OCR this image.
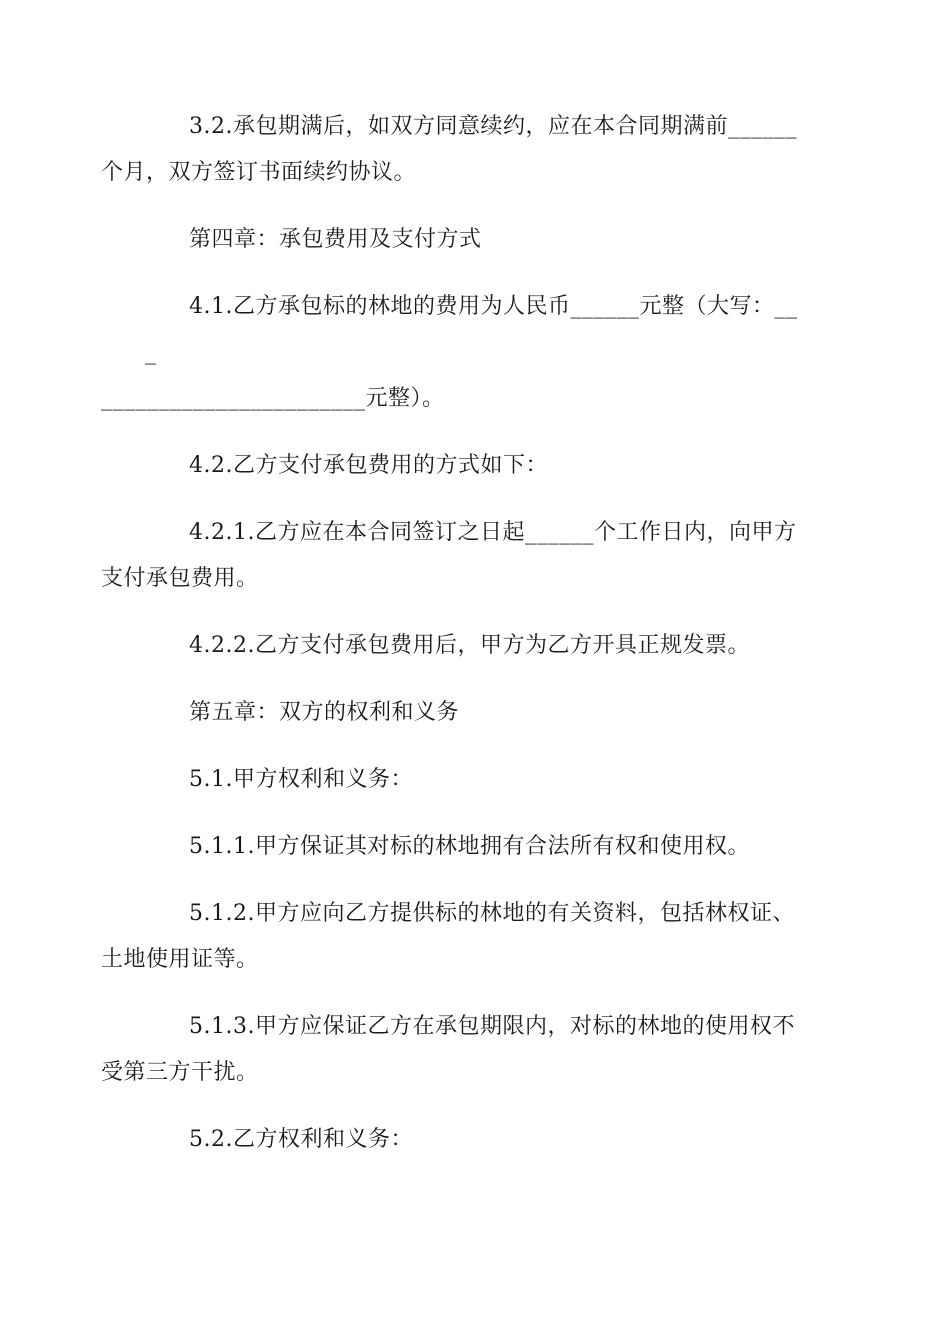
3.2.承包期满后，如双方同意续约，应在本合同期满前______
个月，双方签订书面续约协议。

第四章：承包费用及支付方式

4.1.乙方承包标的林地的费用为人民币______元整（大写：___
_______________________元整）。

4.2.乙方支付承包费用的方式如下：

4.2.1.乙方应在本合同签订之日起______个工作日内，向甲方
支付承包费用。

4.2.2.乙方支付承包费用后，甲方为乙方开具正规发票。

第五章：双方的权利和义务

5.1.甲方权利和义务：

5.1.1.甲方保证其对标的林地拥有合法所有权和使用权。

5.1.2.甲方应向乙方提供标的林地的有关资料，包括林权证、
土地使用证等。

5.1.3.甲方应保证乙方在承包期限内，对标的林地的使用权不
受第三方干扰。

5.2.乙方权利和义务：
